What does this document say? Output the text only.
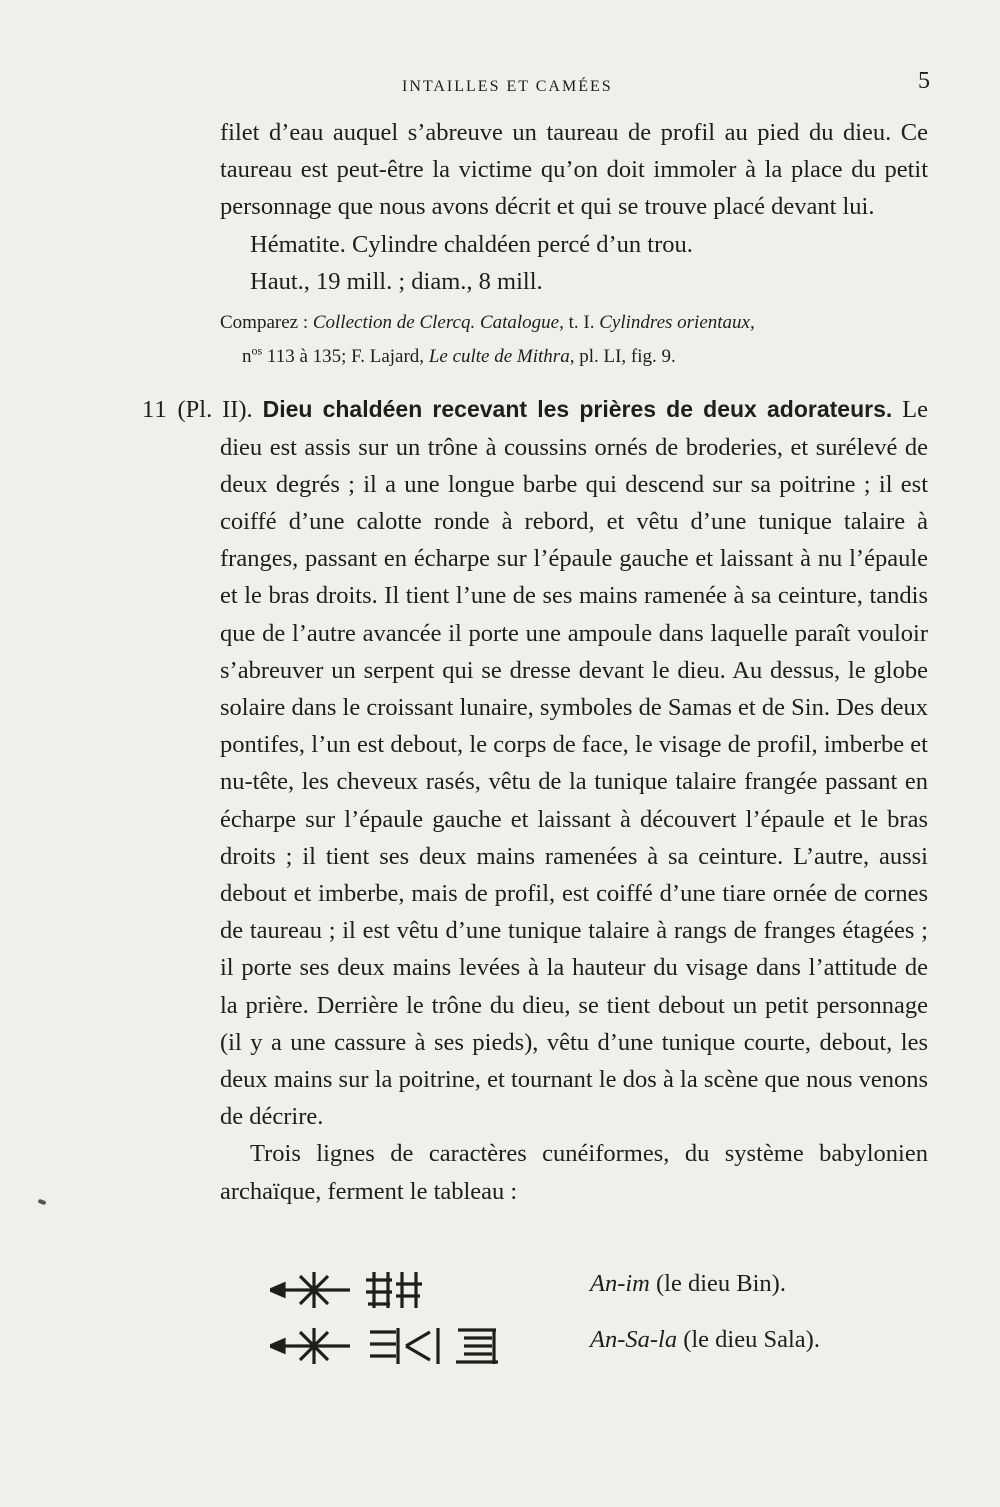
INTAILLES ET CAMÉES	5

filet d’eau auquel s’abreuve un taureau de profil au pied du dieu. Ce taureau est peut-être la victime qu’on doit immoler à la place du petit personnage que nous avons décrit et qui se trouve placé devant lui.

Hématite. Cylindre chaldéen percé d’un trou.

Haut., 19 mill. ; diam., 8 mill.

Comparez : Collection de Clercq. Catalogue, t. I. Cylindres orientaux,
$n^{os}$ 113 à 135; F. Lajard, Le culte de Mithra, pl. LI, fig. 9.

11 (Pl. II). Dieu chaldéen recevant les prières de deux adorateurs. Le dieu est assis sur un trône à coussins ornés de broderies, et surélevé de deux degrés ; il a une longue barbe qui descend sur sa poitrine ; il est coiffé d’une calotte ronde à rebord, et vêtu d’une tunique talaire à franges, passant en écharpe sur l’épaule gauche et laissant à nu l’épaule et le bras droits. Il tient l’une de ses mains ramenée à sa ceinture, tandis que de l’autre avancée il porte une ampoule dans laquelle paraît vouloir s’abreuver un serpent qui se dresse devant le dieu. Au dessus, le globe solaire dans le croissant lunaire, symboles de Samas et de Sin. Des deux pontifes, l’un est debout, le corps de face, le visage de profil, imberbe et nu-tête, les cheveux rasés, vêtu de la tunique talaire frangée passant en écharpe sur l’épaule gauche et laissant à découvert l’épaule et le bras droits ; il tient ses deux mains ramenées à sa ceinture. L’autre, aussi debout et imberbe, mais de profil, est coiffé d’une tiare ornée de cornes de taureau ; il est vêtu d’une tunique talaire à rangs de franges étagées ; il porte ses deux mains levées à la hauteur du visage dans l’attitude de la prière. Derrière le trône du dieu, se tient debout un petit personnage (il y a une cassure à ses pieds), vêtu d’une tunique courte, debout, les deux mains sur la poitrine, et tournant le dos à la scène que nous venons de décrire.

Trois lignes de caractères cunéiformes, du système babylonien archaïque, ferment le tableau :

An-im (le dieu Bin).
An-Sa-la (le dieu Sala).
